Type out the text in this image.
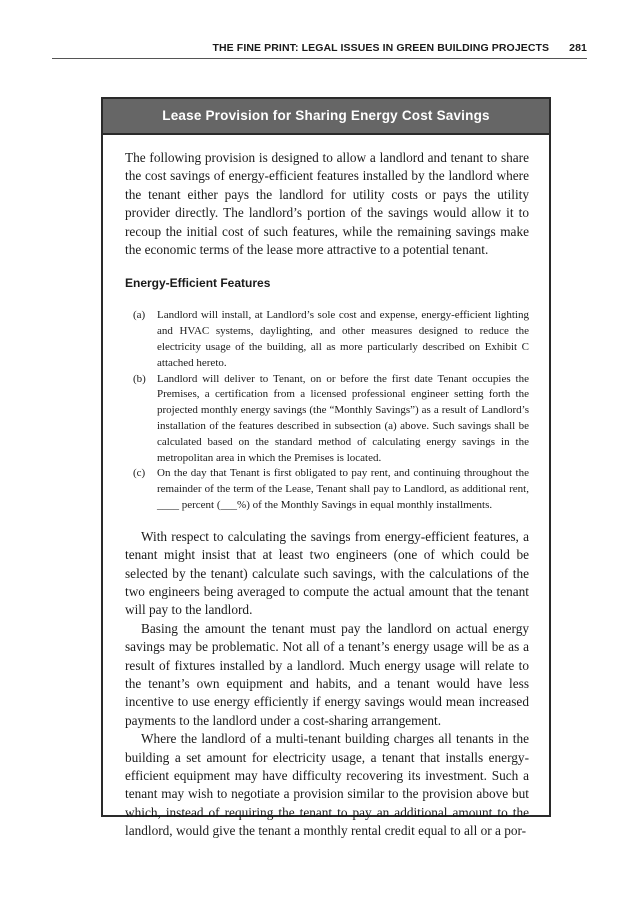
THE FINE PRINT: LEGAL ISSUES IN GREEN BUILDING PROJECTS 281
Lease Provision for Sharing Energy Cost Savings

The following provision is designed to allow a landlord and tenant to share the cost savings of energy-efficient features installed by the landlord where the tenant either pays the landlord for utility costs or pays the utility provider directly. The landlord’s portion of the savings would allow it to recoup the initial cost of such features, while the remaining savings make the economic terms of the lease more attractive to a potential tenant.

Energy-Efficient Features
(a)	Landlord will install, at Landlord’s sole cost and expense, energy-efficient lighting and HVAC systems, daylighting, and other measures designed to reduce the electricity usage of the building, all as more particularly described on Exhibit C attached hereto.
(b)	Landlord will deliver to Tenant, on or before the first date Tenant occupies the Premises, a certification from a licensed professional engineer setting forth the projected monthly energy savings (the “Monthly Savings”) as a result of Landlord’s installation of the features described in subsection (a) above. Such savings shall be calculated based on the standard method of calculating energy savings in the metropolitan area in which the Premises is located.
(c)	On the day that Tenant is first obligated to pay rent, and continuing throughout the remainder of the term of the Lease, Tenant shall pay to Landlord, as additional rent, ____ percent (___%) of the Monthly Savings in equal monthly installments.

With respect to calculating the savings from energy-efficient features, a tenant might insist that at least two engineers (one of which could be selected by the tenant) calculate such savings, with the calculations of the two engineers being averaged to compute the actual amount that the tenant will pay to the landlord.

Basing the amount the tenant must pay the landlord on actual energy savings may be problematic. Not all of a tenant’s energy usage will be as a result of fixtures installed by a landlord. Much energy usage will relate to the tenant’s own equipment and habits, and a tenant would have less incentive to use energy efficiently if energy savings would mean increased payments to the landlord under a cost-sharing arrangement.

Where the landlord of a multi-tenant building charges all tenants in the building a set amount for electricity usage, a tenant that installs energy-efficient equipment may have difficulty recovering its investment. Such a tenant may wish to negotiate a provision similar to the provision above but which, instead of requiring the tenant to pay an additional amount to the landlord, would give the tenant a monthly rental credit equal to all or a por-
